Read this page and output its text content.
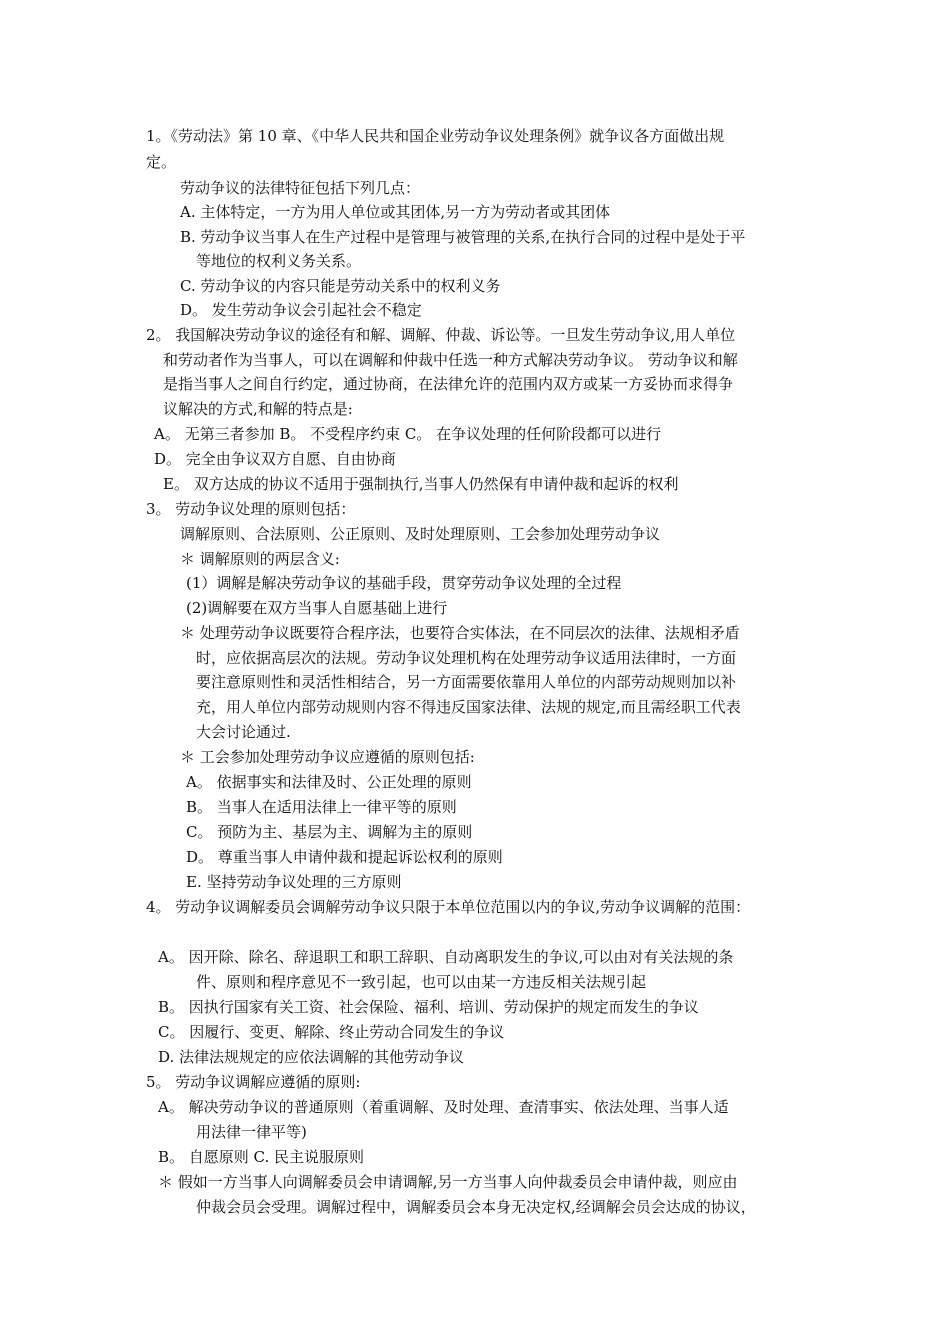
1。《劳动法》第 10 章、《中华人民共和国企业劳动争议处理条例》就争议各方面做出规
定。
劳动争议的法律特征包括下列几点：
A. 主体特定，一方为用人单位或其团体,另一方为劳动者或其团体
B. 劳动争议当事人在生产过程中是管理与被管理的关系,在执行合同的过程中是处于平
等地位的权利义务关系。
C. 劳动争议的内容只能是劳动关系中的权利义务
D。 发生劳动争议会引起社会不稳定
2。 我国解决劳动争议的途径有和解、调解、仲裁、诉讼等。一旦发生劳动争议,用人单位
和劳动者作为当事人，可以在调解和仲裁中任选一种方式解决劳动争议。 劳动争议和解
是指当事人之间自行约定，通过协商，在法律允许的范围内双方或某一方妥协而求得争
议解决的方式,和解的特点是:
A。 无第三者参加 B。 不受程序约束 C。 在争议处理的任何阶段都可以进行
D。 完全由争议双方自愿、自由协商
E。 双方达成的协议不适用于强制执行,当事人仍然保有申请仲裁和起诉的权利
3。 劳动争议处理的原则包括：
调解原则、合法原则、公正原则、及时处理原则、工会参加处理劳动争议
＊ 调解原则的两层含义:
(1）调解是解决劳动争议的基础手段，贯穿劳动争议处理的全过程
(2)调解要在双方当事人自愿基础上进行
＊ 处理劳动争议既要符合程序法，也要符合实体法，在不同层次的法律、法规相矛盾
时，应依据高层次的法规。劳动争议处理机构在处理劳动争议适用法律时，一方面
要注意原则性和灵活性相结合，另一方面需要依靠用人单位的内部劳动规则加以补
充，用人单位内部劳动规则内容不得违反国家法律、法规的规定,而且需经职工代表
大会讨论通过.
＊ 工会参加处理劳动争议应遵循的原则包括:
A。 依据事实和法律及时、公正处理的原则
B。 当事人在适用法律上一律平等的原则
C。 预防为主、基层为主、调解为主的原则
D。 尊重当事人申请仲裁和提起诉讼权利的原则
E. 坚持劳动争议处理的三方原则
4。 劳动争议调解委员会调解劳动争议只限于本单位范围以内的争议,劳动争议调解的范围：
A。 因开除、除名、辞退职工和职工辞职、自动离职发生的争议,可以由对有关法规的条
件、原则和程序意见不一致引起，也可以由某一方违反相关法规引起
B。 因执行国家有关工资、社会保险、福利、培训、劳动保护的规定而发生的争议
C。 因履行、变更、解除、终止劳动合同发生的争议
D. 法律法规规定的应依法调解的其他劳动争议
5。 劳动争议调解应遵循的原则:
A。 解决劳动争议的普通原则（着重调解、及时处理、查清事实、依法处理、当事人适
用法律一律平等)
B。 自愿原则 C. 民主说服原则
＊ 假如一方当事人向调解委员会申请调解,另一方当事人向仲裁委员会申请仲裁，则应由
仲裁会员会受理。调解过程中，调解委员会本身无决定权,经调解会员会达成的协议，
